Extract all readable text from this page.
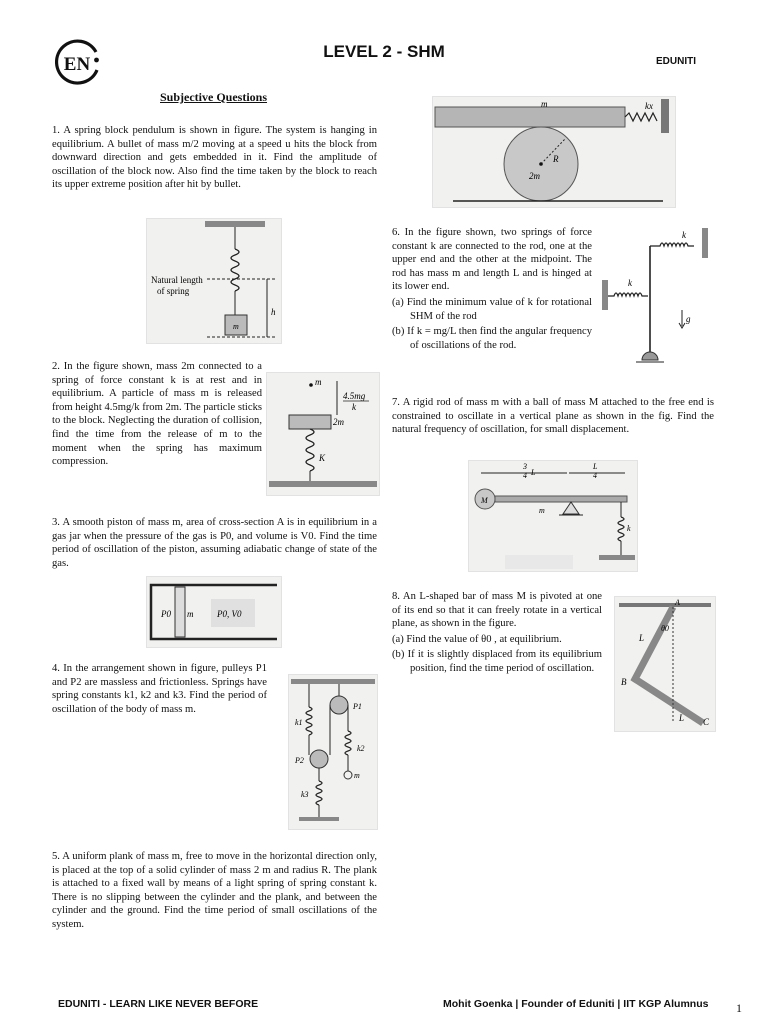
EN
LEVEL 2 - SHM
EDUNITI
Subjective Questions

1. A spring block pendulum is shown in figure. The system is hanging in equilibrium. A bullet of mass m/2 moving at a speed u hits the block from downward direction and gets embedded in it. Find the amplitude of oscillation of the block now. Also find the time taken by the block to reach its upper extreme position after hit by bullet.

Natural length
of spring
h
m

2. In the figure shown, mass 2m connected to a spring of force constant k is at rest and in equilibrium. A particle of mass m is released from height 4.5mg/k from 2m. The particle sticks to the block. Neglecting the duration of collision, find the time from the release of m to the moment when the spring has maximum compression.

m
4.5mg
k
2m
K

3. A smooth piston of mass m, area of cross-section A is in equilibrium in a gas jar when the pressure of the gas is P0, and volume is V0. Find the time period of oscillation of the piston, assuming adiabatic change of state of the gas.

P0 m	P0, V0

4. In the arrangement shown in figure, pulleys P1 and P2 are massless and frictionless. Springs have spring constants k1, k2 and k3. Find the period of oscillation of the body of mass m.

k1
P1
k2
m
P2
k3

5. A uniform plank of mass m, free to move in the horizontal direction only, is placed at the top of a solid cylinder of mass 2 m and radius R. The plank is attached to a fixed wall by means of a light spring of spring constant k. There is no slipping between the cylinder and the plank, and between the cylinder and the ground. Find the time period of small oscillations of the system.

m	kx
R
2m

6. In the figure shown, two springs of force constant k are connected to the rod, one at the upper end and the other at the midpoint. The rod has mass m and length L and is hinged at its lower end.

(a) Find the minimum value of k for rotational SHM of the rod
(b) If k = mg/L then find the angular frequency of oscillations of the rod.
k
k
g

7. A rigid rod of mass m with a ball of mass M attached to the free end is constrained to oscillate in a vertical plane as shown in the fig. Find the natural frequency of oscillation, for small displacement.

3
4 L
L
4
M
m
k

8. An L-shaped bar of mass M is pivoted at one of its end so that it can freely rotate in a vertical plane, as shown in the figure.

(a) Find the value of θ0 , at equilibrium.
(b) If it is slightly displaced from its equilibrium position, find the time period of oscillation.
A
θ0
L
B
L C
EDUNITI - LEARN LIKE NEVER BEFORE	Mohit Goenka | Founder of Eduniti | IIT KGP Alumnus 1
